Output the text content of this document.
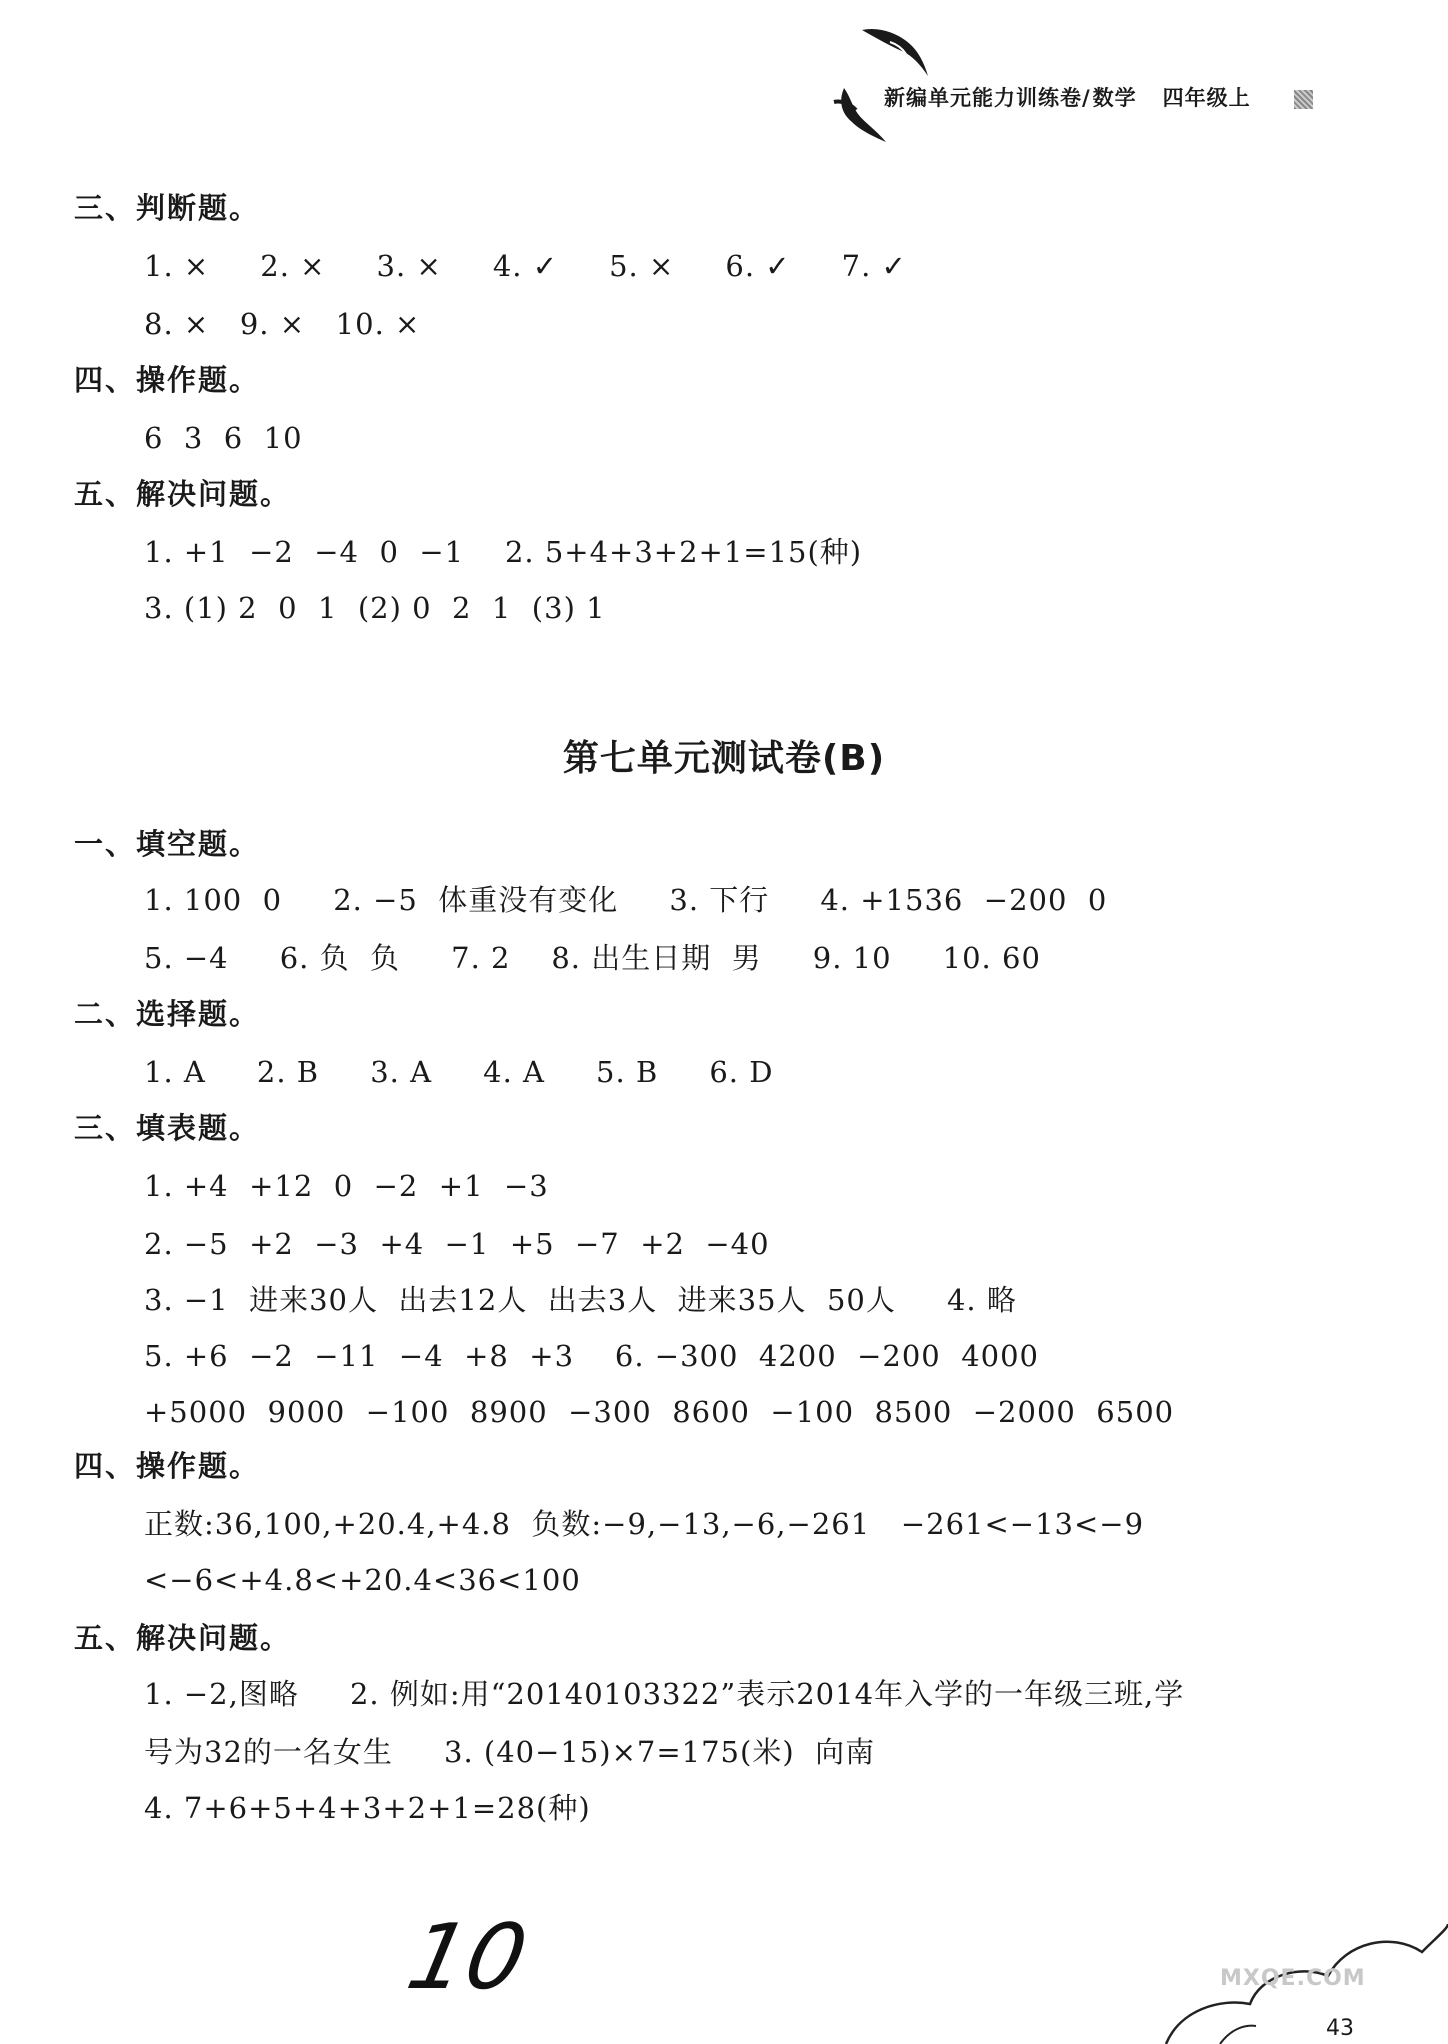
新编单元能力训练卷/数学 四年级上
三、判断题。
1. ×     2. ×     3. ×     4. ✓     5. ×     6. ✓     7. ✓
8. ×   9. ×   10. ×
四、操作题。
6  3  6  10
五、解决问题。
1. +1  −2  −4  0  −1    2. 5+4+3+2+1=15(种)
3. (1) 2  0  1  (2) 0  2  1  (3) 1
第七单元测试卷(B)
一、填空题。
1. 100  0     2. −5  体重没有变化     3. 下行     4. +1536  −200  0
5. −4     6. 负  负     7. 2    8. 出生日期  男     9. 10     10. 60
二、选择题。
1. A     2. B     3. A     4. A     5. B     6. D
三、填表题。
1. +4  +12  0  −2  +1  −3
2. −5  +2  −3  +4  −1  +5  −7  +2  −40
3. −1  进来30人  出去12人  出去3人  进来35人  50人     4. 略
5. +6  −2  −11  −4  +8  +3    6. −300  4200  −200  4000
+5000  9000  −100  8900  −300  8600  −100  8500  −2000  6500
四、操作题。
正数:36,100,+20.4,+4.8  负数:−9,−13,−6,−261   −261<−13<−9
<−6<+4.8<+20.4<36<100
五、解决问题。
1. −2,图略     2. 例如:用“20140103322”表示2014年入学的一年级三班,学
号为32的一名女生     3. (40−15)×7=175(米)  向南
4. 7+6+5+4+3+2+1=28(种)
10	MXQE.COM
43
